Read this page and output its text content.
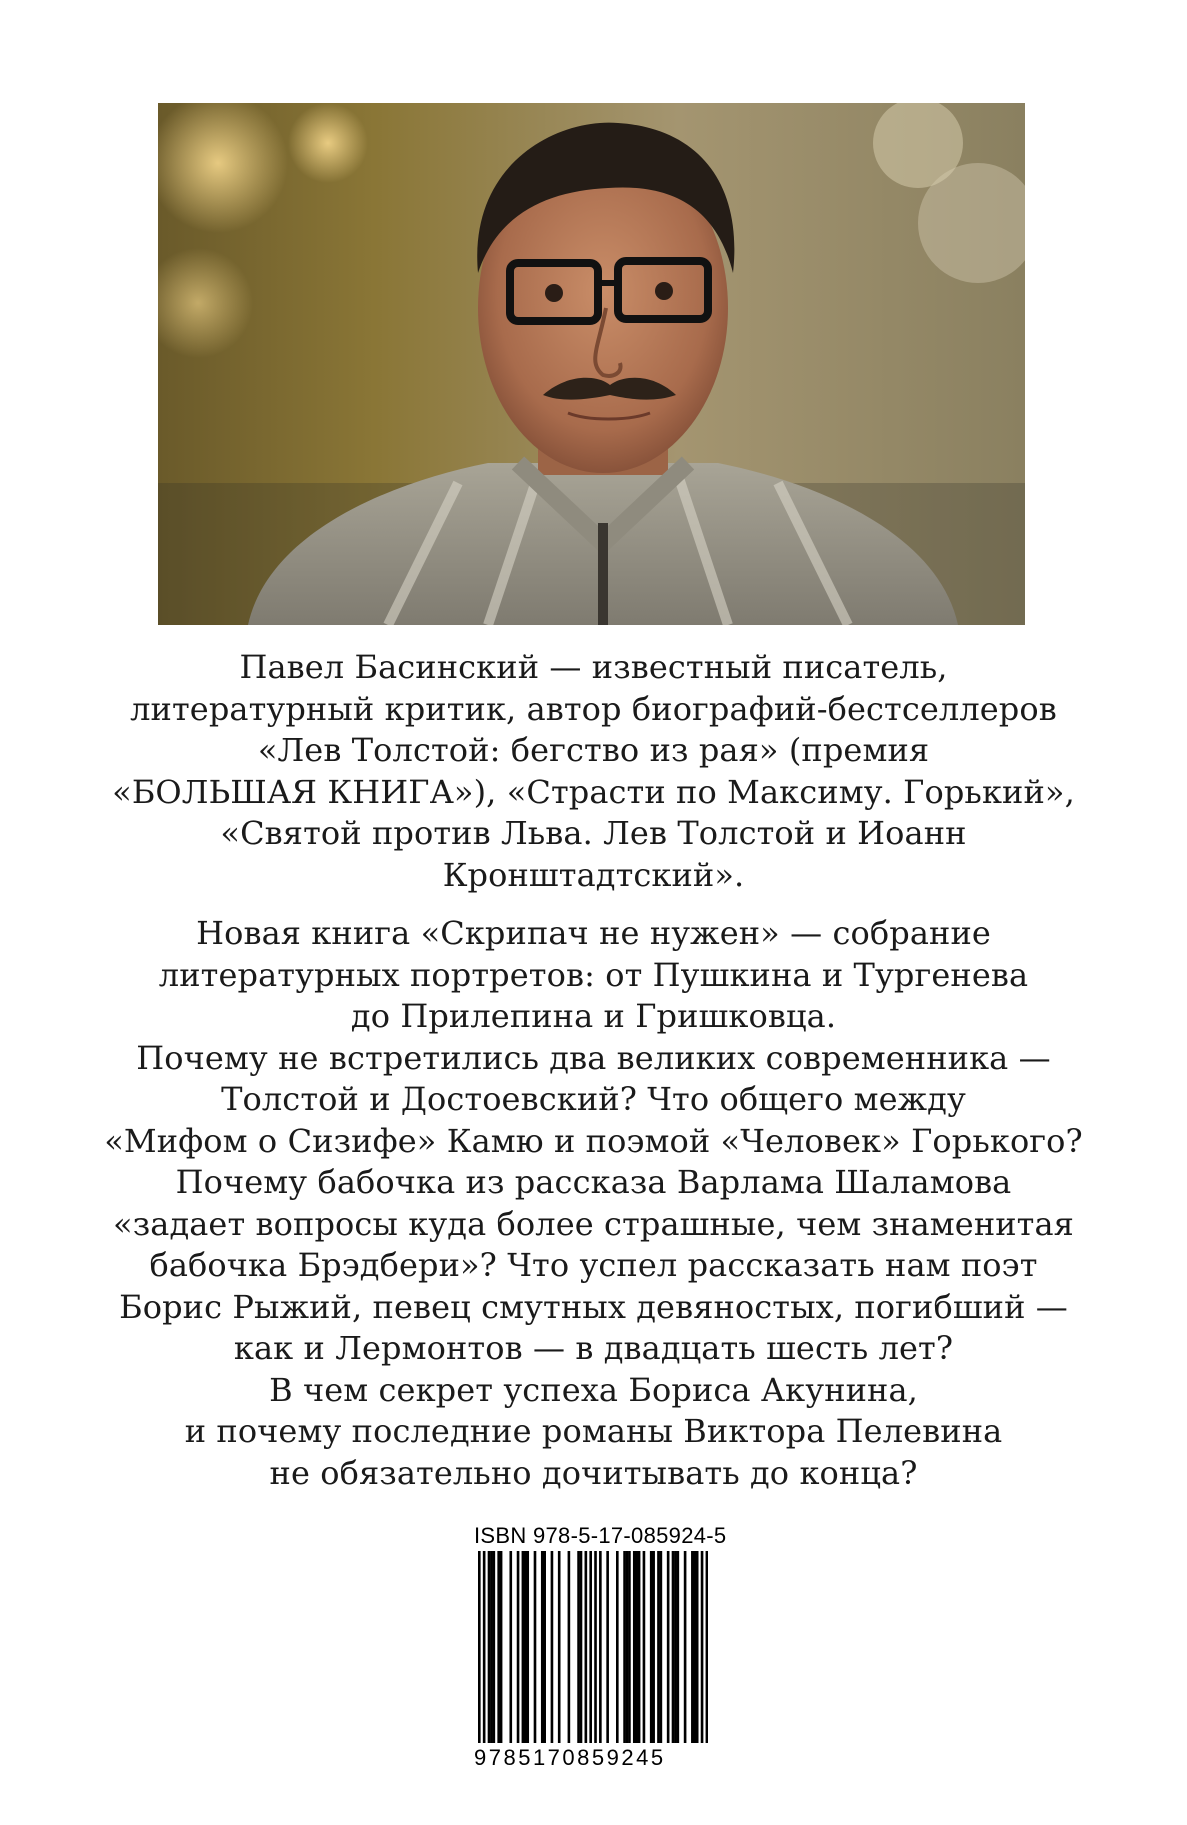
Павел Басинский — известный писатель,
литературный критик, автор биографий-бестселлеров
«Лев Толстой: бегство из рая» (премия
«БОЛЬШАЯ КНИГА»), «Страсти по Максиму. Горький»,
«Святой против Льва. Лев Толстой и Иоанн
Кронштадтский».
Новая книга «Скрипач не нужен» — собрание
литературных портретов: от Пушкина и Тургенева
до Прилепина и Гришковца.
Почему не встретились два великих современника —
Толстой и Достоевский? Что общего между
«Мифом о Сизифе» Камю и поэмой «Человек» Горького?
Почему бабочка из рассказа Варлама Шаламова
«задает вопросы куда более страшные, чем знаменитая
бабочка Брэдбери»? Что успел рассказать нам поэт
Борис Рыжий, певец смутных девяностых, погибший —
как и Лермонтов — в двадцать шесть лет?
В чем секрет успеха Бориса Акунина,
и почему последние романы Виктора Пелевина
не обязательно дочитывать до конца?
ISBN 978-5-17-085924-5
9785170859245
